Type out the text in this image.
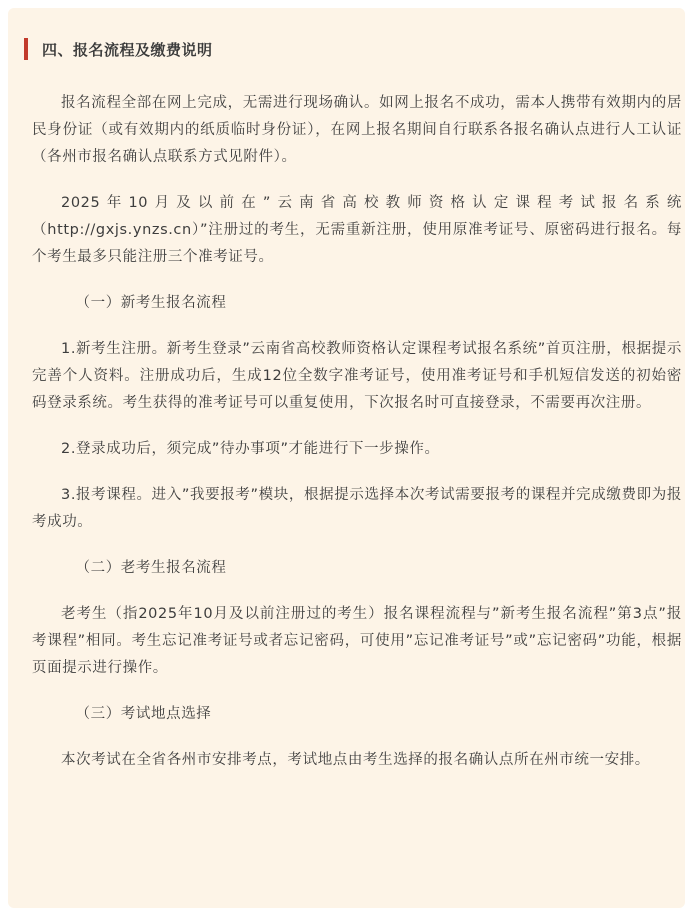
四、报名流程及缴费说明

报名流程全部在网上完成，无需进行现场确认。如网上报名不成功，需本人携带有效期内的居民身份证（或有效期内的纸质临时身份证），在网上报名期间自行联系各报名确认点进行人工认证（各州市报名确认点联系方式见附件）。

2025年10月及以前在”云南省高校教师资格认定课程考试报名系统（http://gxjs.ynzs.cn）”注册过的考生，无需重新注册，使用原准考证号、原密码进行报名。每个考生最多只能注册三个准考证号。

（一）新考生报名流程

1.新考生注册。新考生登录”云南省高校教师资格认定课程考试报名系统”首页注册，根据提示完善个人资料。注册成功后，生成12位全数字准考证号，使用准考证号和手机短信发送的初始密码登录系统。考生获得的准考证号可以重复使用，下次报名时可直接登录，不需要再次注册。

2.登录成功后，须完成”待办事项”才能进行下一步操作。

3.报考课程。进入”我要报考”模块，根据提示选择本次考试需要报考的课程并完成缴费即为报考成功。

（二）老考生报名流程

老考生（指2025年10月及以前注册过的考生）报名课程流程与”新考生报名流程”第3点”报考课程”相同。考生忘记准考证号或者忘记密码，可使用”忘记准考证号”或”忘记密码”功能，根据页面提示进行操作。

（三）考试地点选择

本次考试在全省各州市安排考点，考试地点由考生选择的报名确认点所在州市统一安排。
